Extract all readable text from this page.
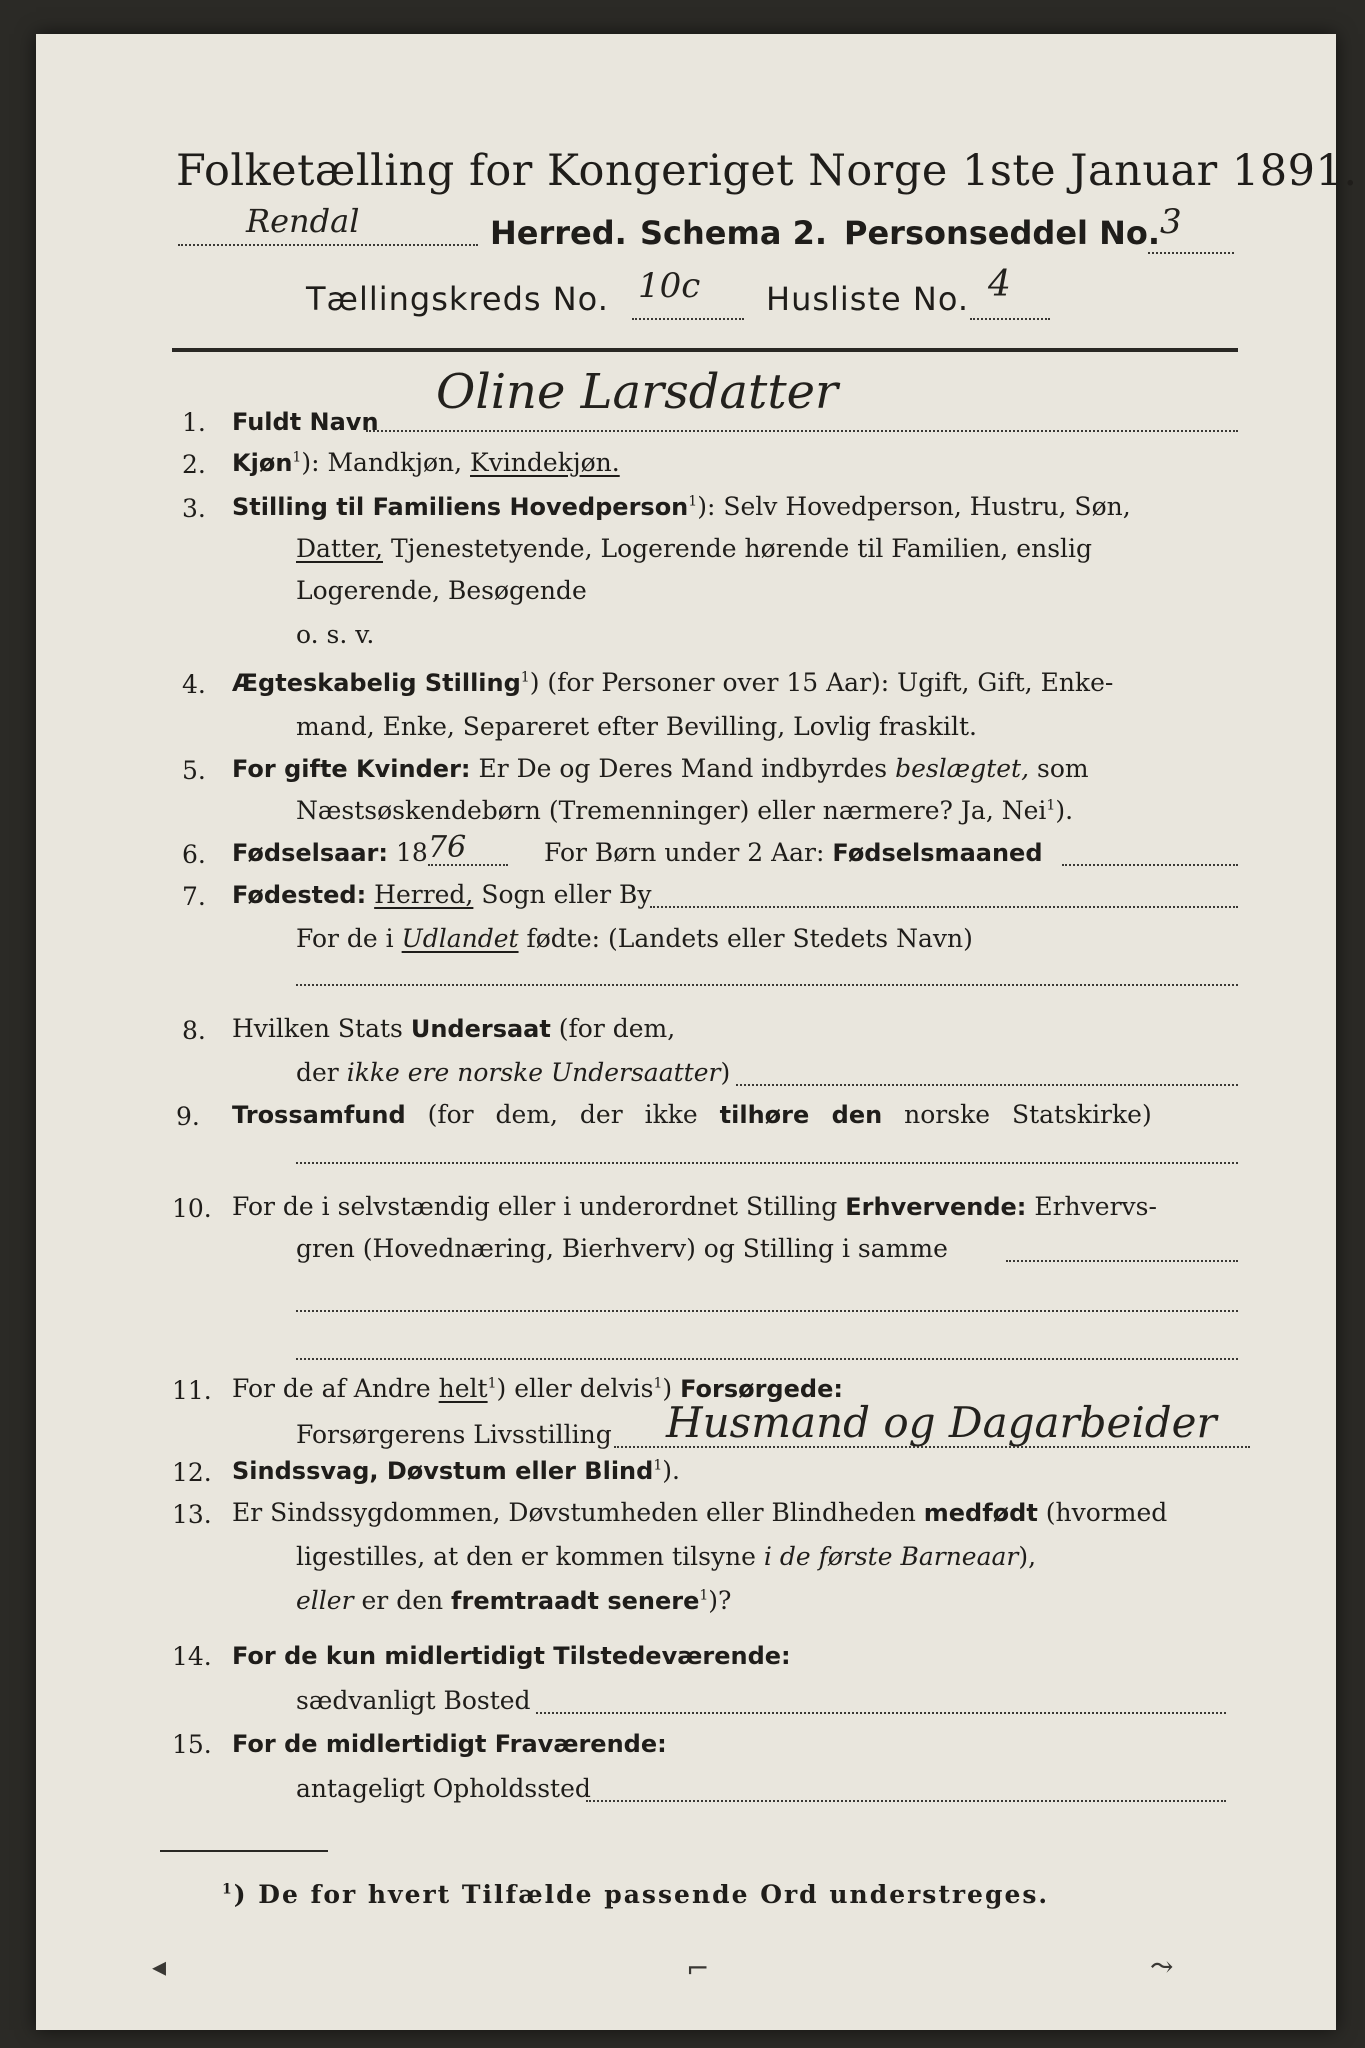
Folketælling for Kongeriget Norge 1ste Januar 1891.
Rendal	Herred. Schema 2. Personseddel No. 3
Tællingskreds No. 10c Husliste No. 4
1. Fuldt Navn
Oline Larsdatter
2. Kjøn$^1$): Mandkjøn, Kvindekjøn.
3. Stilling til Familiens Hovedperson$^1$): Selv Hovedperson, Hustru, Søn,
Datter, Tjenestetyende, Logerende hørende til Familien, enslig
Logerende, Besøgende
o. s. v.
4. Ægteskabelig Stilling$^1$) (for Personer over 15 Aar): Ugift, Gift, Enke-
mand, Enke, Separeret efter Bevilling, Lovlig fraskilt.
5. For gifte Kvinder: Er De og Deres Mand indbyrdes beslægtet, som
Næstsøskendebørn (Tremenninger) eller nærmere? Ja, Nei$^1$).
6. Fødselsaar: 18 76	For Børn under 2 Aar: Fødselsmaaned
7. Fødested: Herred, Sogn eller By
For de i Udlandet fødte: (Landets eller Stedets Navn)
8. Hvilken Stats Undersaat (for dem,
der ikke ere norske Undersaatter)
9. Trossamfund (for dem, der ikke tilhøre den norske Statskirke)
10. For de i selvstændig eller i underordnet Stilling Erhvervende: Erhvervs-
gren (Hovednæring, Bierhverv) og Stilling i samme
11. For de af Andre helt$^1$) eller delvis$^1$) Forsørgede:
Forsørgerens Livsstilling Husmand og Dagarbeider
12. Sindssvag, Døvstum eller Blind$^1$).
13. Er Sindssygdommen, Døvstumheden eller Blindheden medfødt (hvormed
ligestilles, at den er kommen tilsyne i de første Barneaar),
eller er den fremtraadt senere$^1$)?
14. For de kun midlertidigt Tilstedeværende:
sædvanligt Bosted
15. For de midlertidigt Fraværende:
antageligt Opholdssted
$^1$) De for hvert Tilfælde passende Ord understreges.
◂	⌐	⤳
